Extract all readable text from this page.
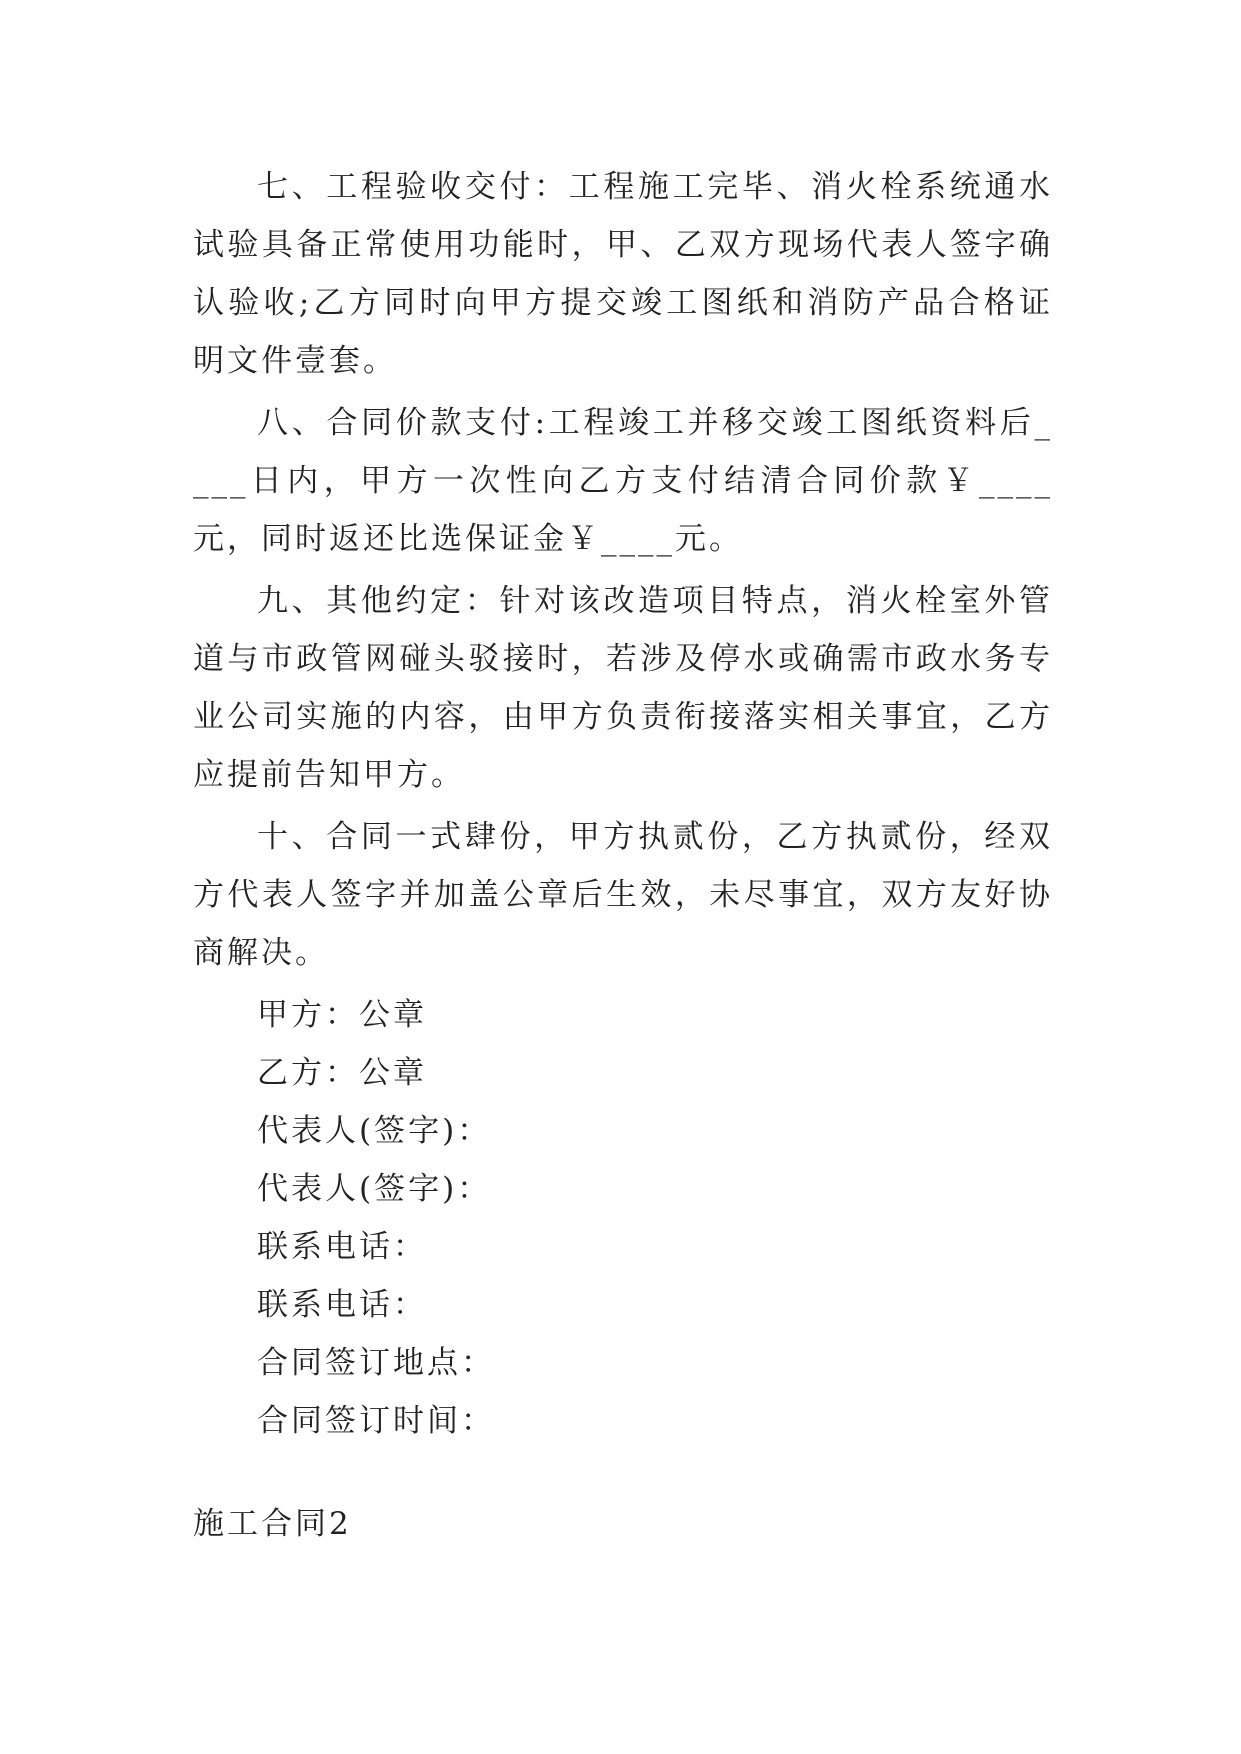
七、工程验收交付：工程施工完毕、消火栓系统通水试验具备正常使用功能时，甲、乙双方现场代表人签字确认验收;乙方同时向甲方提交竣工图纸和消防产品合格证明文件壹套。

八、合同价款支付:工程竣工并移交竣工图纸资料后____日内，甲方一次性向乙方支付结清合同价款￥____元，同时返还比选保证金￥____元。

九、其他约定：针对该改造项目特点，消火栓室外管道与市政管网碰头驳接时，若涉及停水或确需市政水务专业公司实施的内容，由甲方负责衔接落实相关事宜，乙方应提前告知甲方。

十、合同一式肆份，甲方执贰份，乙方执贰份，经双方代表人签字并加盖公章后生效，未尽事宜，双方友好协商解决。

甲方：公章

乙方：公章

代表人(签字)：

代表人(签字)：

联系电话：

联系电话：

合同签订地点：

合同签订时间：

施工合同2
